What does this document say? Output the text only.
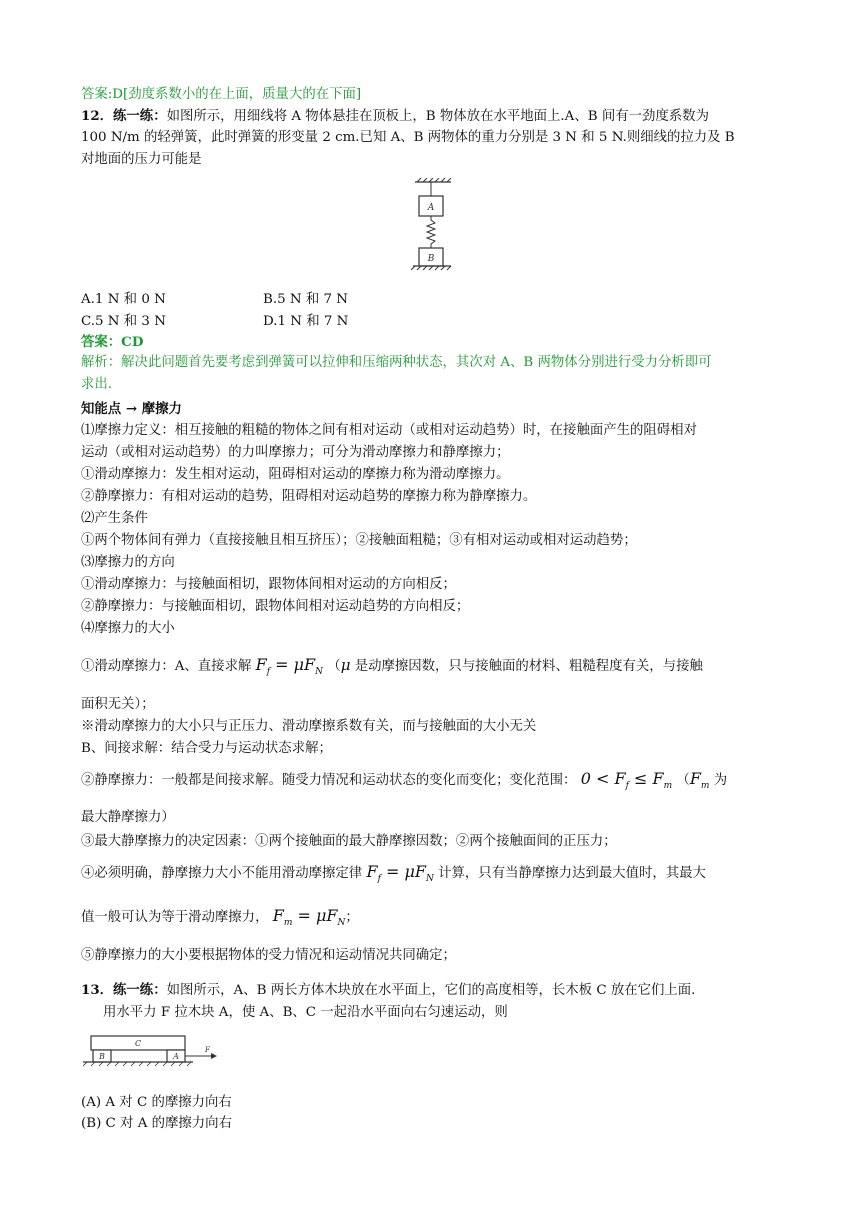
答案:D[劲度系数小的在上面，质量大的在下面]
12．练一练：如图所示，用细线将 A 物体悬挂在顶板上，B 物体放在水平地面上.A、B 间有一劲度系数为
100 N/m 的轻弹簧，此时弹簧的形变量 2 cm.已知 A、B 两物体的重力分别是 3 N 和 5 N.则细线的拉力及 B
对地面的压力可能是
A
B
A.1 N 和 0 N	B.5 N 和 7 N
C.5 N 和 3 N	D.1 N 和 7 N
答案：CD
解析：解决此问题首先要考虑到弹簧可以拉伸和压缩两种状态，其次对 A、B 两物体分别进行受力分析即可
求出.
知能点 → 摩擦力
⑴摩擦力定义：相互接触的粗糙的物体之间有相对运动（或相对运动趋势）时，在接触面产生的阻碍相对
运动（或相对运动趋势）的力叫摩擦力；可分为滑动摩擦力和静摩擦力；
①滑动摩擦力：发生相对运动，阻碍相对运动的摩擦力称为滑动摩擦力。
②静摩擦力：有相对运动的趋势，阻碍相对运动趋势的摩擦力称为静摩擦力。
⑵产生条件
①两个物体间有弹力（直接接触且相互挤压）；②接触面粗糙；③有相对运动或相对运动趋势；
⑶摩擦力的方向
①滑动摩擦力：与接触面相切，跟物体间相对运动的方向相反；
②静摩擦力：与接触面相切，跟物体间相对运动趋势的方向相反；
⑷摩擦力的大小
①滑动摩擦力：A、直接求解 $F_f = \mu F_N$ （μ 是动摩擦因数，只与接触面的材料、粗糙程度有关，与接触
面积无关）；
※滑动摩擦力的大小只与正压力、滑动摩擦系数有关，而与接触面的大小无关
B、间接求解：结合受力与运动状态求解；
②静摩擦力：一般都是间接求解。随受力情况和运动状态的变化而变化；变化范围： $0 < F_f \le F_m$ （$F_m$ 为
最大静摩擦力）
③最大静摩擦力的决定因素：①两个接触面的最大静摩擦因数；②两个接触面间的正压力；
④必须明确，静摩擦力大小不能用滑动摩擦定律 $F_f = \mu F_N$ 计算，只有当静摩擦力达到最大值时，其最大
值一般可认为等于滑动摩擦力， $F_m = \mu F_N$；
⑤静摩擦力的大小要根据物体的受力情况和运动情况共同确定；
13．练一练：如图所示，A、B 两长方体木块放在水平面上，它们的高度相等，长木板 C 放在它们上面.
用水平力 F 拉木块 A，使 A、B、C 一起沿水平面向右匀速运动，则
C
B	A
F
(A) A 对 C 的摩擦力向右
(B) C 对 A 的摩擦力向右
